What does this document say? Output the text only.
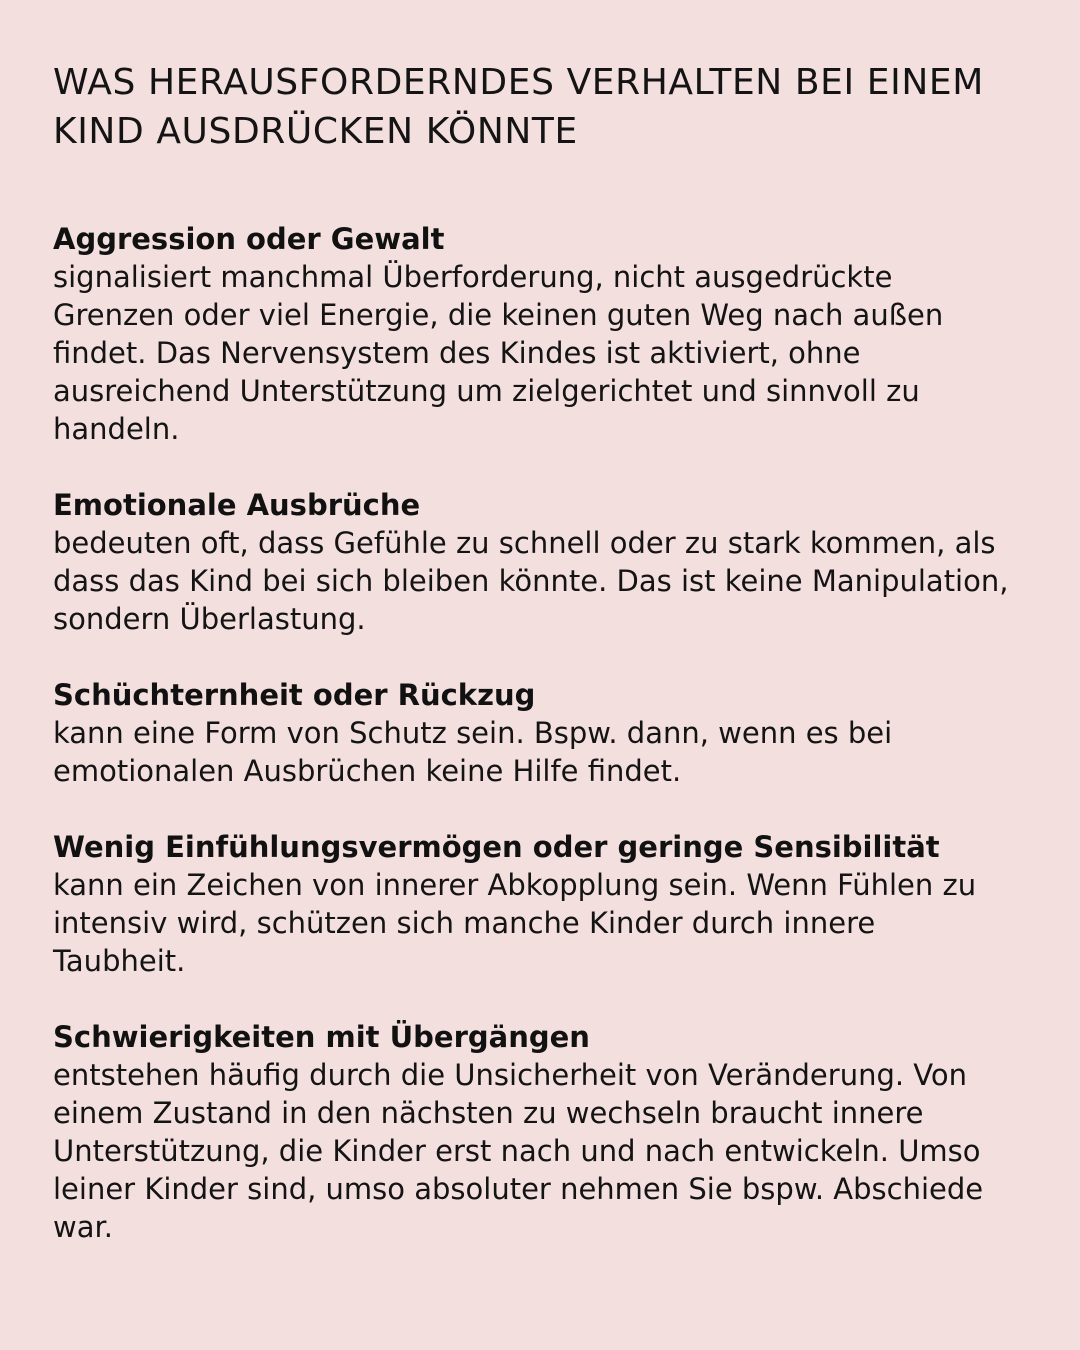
WAS HERAUSFORDERNDES VERHALTEN BEI EINEM
KIND AUSDRÜCKEN KÖNNTE
Aggression oder Gewalt

signalisiert manchmal Überforderung, nicht ausgedrückte
Grenzen oder viel Energie, die keinen guten Weg nach außen
findet. Das Nervensystem des Kindes ist aktiviert, ohne
ausreichend Unterstützung um zielgerichtet und sinnvoll zu
handeln.

Emotionale Ausbrüche

bedeuten oft, dass Gefühle zu schnell oder zu stark kommen, als
dass das Kind bei sich bleiben könnte. Das ist keine Manipulation,
sondern Überlastung.

Schüchternheit oder Rückzug

kann eine Form von Schutz sein. Bspw. dann, wenn es bei
emotionalen Ausbrüchen keine Hilfe findet.

Wenig Einfühlungsvermögen oder geringe Sensibilität

kann ein Zeichen von innerer Abkopplung sein. Wenn Fühlen zu
intensiv wird, schützen sich manche Kinder durch innere
Taubheit.

Schwierigkeiten mit Übergängen

entstehen häufig durch die Unsicherheit von Veränderung. Von
einem Zustand in den nächsten zu wechseln braucht innere
Unterstützung, die Kinder erst nach und nach entwickeln. Umso
leiner Kinder sind, umso absoluter nehmen Sie bspw. Abschiede
war.
